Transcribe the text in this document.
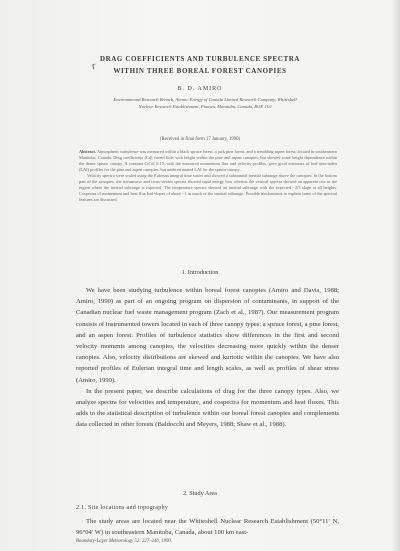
DRAG COEFFICIENTS AND TURBULENCE SPECTRA
r	WITHIN THREE BOREAL FOREST CANOPIES
B. D. AMIRO
Environmental Research Branch, Atomic Energy of Canada Limited Research Company, Whiteshell
Nuclear Research Establishment, Pinawa, Manitoba, Canada, ROE 1L0
(Received in final form 17 January, 1990)

Abstract. Atmospheric turbulence was measured within a black spruce forest, a jack pine forest, and a trembling aspen forest, located in southeastern Manitoba, Canada. Drag coefficients (Cd) varied little with height within the pine and aspen canopies, but showed some height dependence within the dense spruce canopy. A constant Cd of 0.15, with the measured momentum flux and velocity profiles, gave good estimates of leaf-area-index (LAI) profiles for the pine and aspen canopies, but underestimated LAI for the spruce canopy.

Velocity spectra were scaled using the Eulerian integral time scales and showed a substantial inertial subrange above the canopies. In the bottom part of the canopies, the streamwise and cross-stream spectra showed rapid energy loss whereas the vertical spectra showed an apparent rise in the region where the inertial subrange is expected. The temperature spectra showed an inertial subrange with the expected −2/3 slope at all heights. Cospectra of momentum and heat flux had slopes of about −1 in much of the inertial subrange. Possible mechanisms to explain some of the spectral features are discussed.

1. Introduction

We have been studying turbulence within boreal forest canopies (Amiro and Davis, 1988; Amiro, 1990) as part of an ongoing program on dispersion of contaminants, in support of the Canadian nuclear fuel waste management program (Zach et al., 1987). Our measurement program consists of instrumented towers located in each of three canopy types: a spruce forest, a pine forest, and an aspen forest. Profiles of turbulence statistics show differences in the first and second velocity moments among canopies, the velocities decreasing more quickly within the denser canopies. Also, velocity distributions are skewed and kurtotic within the canopies. We have also reported profiles of Eulerian integral time and length scales, as well as profiles of shear stress (Amiro, 1990).

In the present paper, we describe calculations of drag for the three canopy types. Also, we analyze spectra for velocities and temperature, and cospectra for momentum and heat fluxes. This adds to the statistical description of turbulence within our boreal forest canopies and complements data collected in other forests (Baldocchi and Meyers, 1988; Shaw et al., 1988).

2. Study Area
2.1. Site locations and topography

The study areas are located near the Whiteshell Nuclear Research Establishment (50°11′ N, 96°04′ W) in southeastern Manitoba, Canada, about 100 km east-

Boundary-Layer Meteorology 52: 227–246, 1990.
